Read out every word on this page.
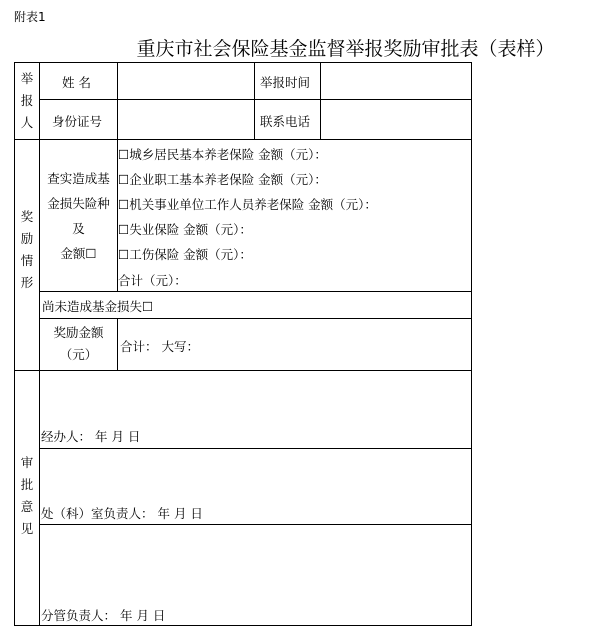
附表1
重庆市社会保险基金监督举报奖励审批表（表样）
举
报
人
姓 名	举报时间
身份证号	联系电话
奖
励
情
形
查实造成基
金损失险种
及
金额☐
☐城乡居民基本养老保险 金额（元）：
☐企业职工基本养老保险 金额（元）：
☐机关事业单位工作人员养老保险 金额（元）：
☐失业保险 金额（元）：
☐工伤保险 金额（元）：
合计（元）：
尚未造成基金损失☐
奖励金额
（元）
合计： 大写：
审
批
意
见
经办人： 年 月 日
处（科）室负责人： 年 月 日
分管负责人： 年 月 日
